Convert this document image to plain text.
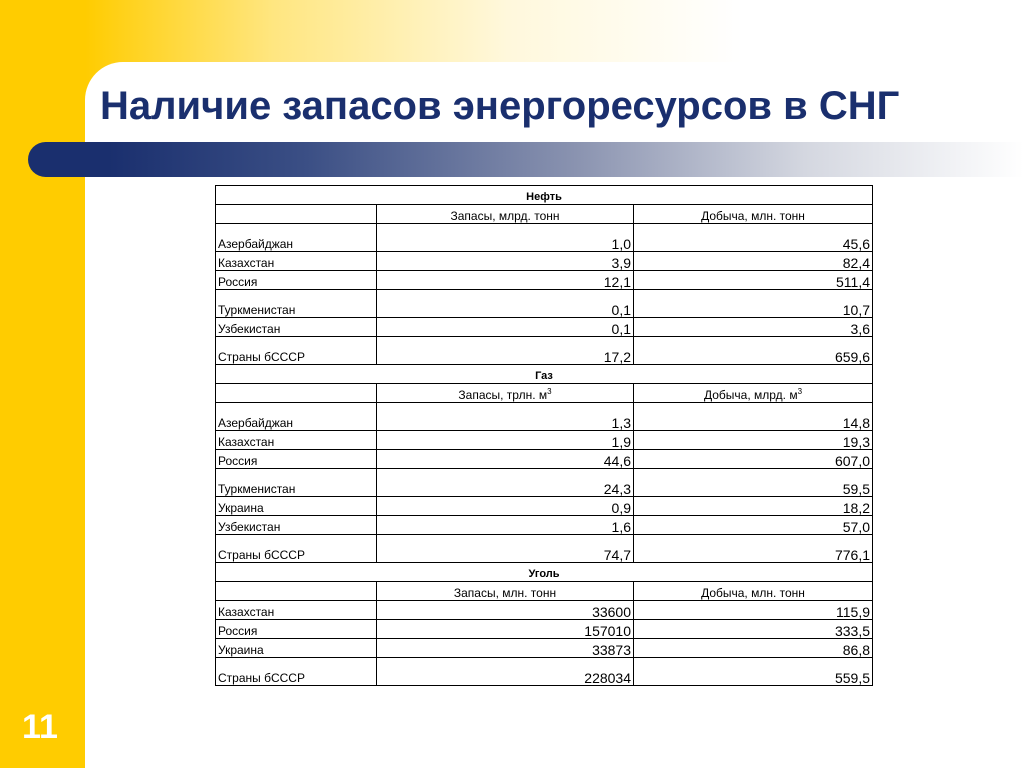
Наличие запасов энергоресурсов в СНГ
11
Нефть		
	Запасы, млрд. тонн	Добыча, млн. тонн
Азербайджан	1,0	45,6
Казахстан	3,9	82,4
Россия	12,1	511,4
Туркменистан	0,1	10,7
Узбекистан	0,1	3,6
Страны бСССР	17,2	659,6
Газ		
	Запасы, трлн. $м^3$	Добыча, млрд. $м^3$
Азербайджан	1,3	14,8
Казахстан	1,9	19,3
Россия	44,6	607,0
Туркменистан	24,3	59,5
Украина	0,9	18,2
Узбекистан	1,6	57,0
Страны бСССР	74,7	776,1
Уголь		
	Запасы, млн. тонн	Добыча, млн. тонн
Казахстан	33600	115,9
Россия	157010	333,5
Украина	33873	86,8
Страны бСССР	228034	559,5
